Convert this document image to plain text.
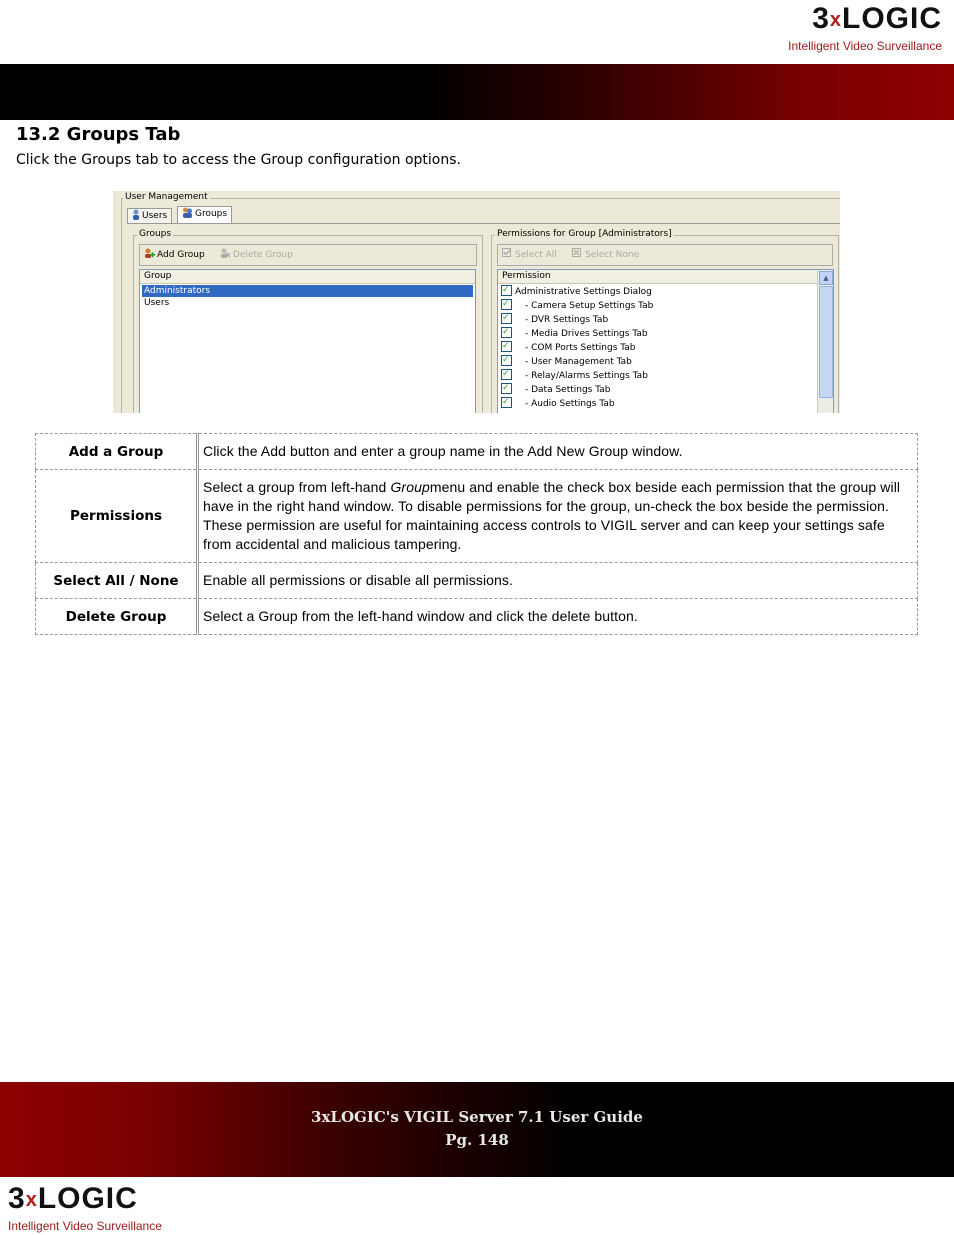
3xLOGIC
Intelligent Video Surveillance
13.2 Groups Tab
Click the Groups tab to access the Group configuration options.
User Management
Users	Groups
Groups
Add Group	Delete Group
Group
Administrators
Users
Permissions for Group [Administrators]
Select All	Select None
Permission
✓Administrative Settings Dialog
✓- Camera Setup Settings Tab
✓- DVR Settings Tab
✓- Media Drives Settings Tab
✓- COM Ports Settings Tab
✓- User Management Tab
✓- Relay/Alarms Settings Tab
✓- Data Settings Tab
✓- Audio Settings Tab
▲
Add a Group	Click the Add button and enter a group name in the Add New Group window.
Permissions	Select a group from left-hand Groupmenu and enable the check box beside each permission that the group will have in the right hand window. To disable permissions for the group, un-check the box beside the permission. These permission are useful for maintaining access controls to VIGIL server and can keep your settings safe from accidental and malicious tampering.
Select All / None	Enable all permissions or disable all permissions.
Delete Group	Select a Group from the left-hand window and click the delete button.
3xLOGIC's VIGIL Server 7.1 User Guide
Pg. 148
3xLOGIC
Intelligent Video Surveillance
